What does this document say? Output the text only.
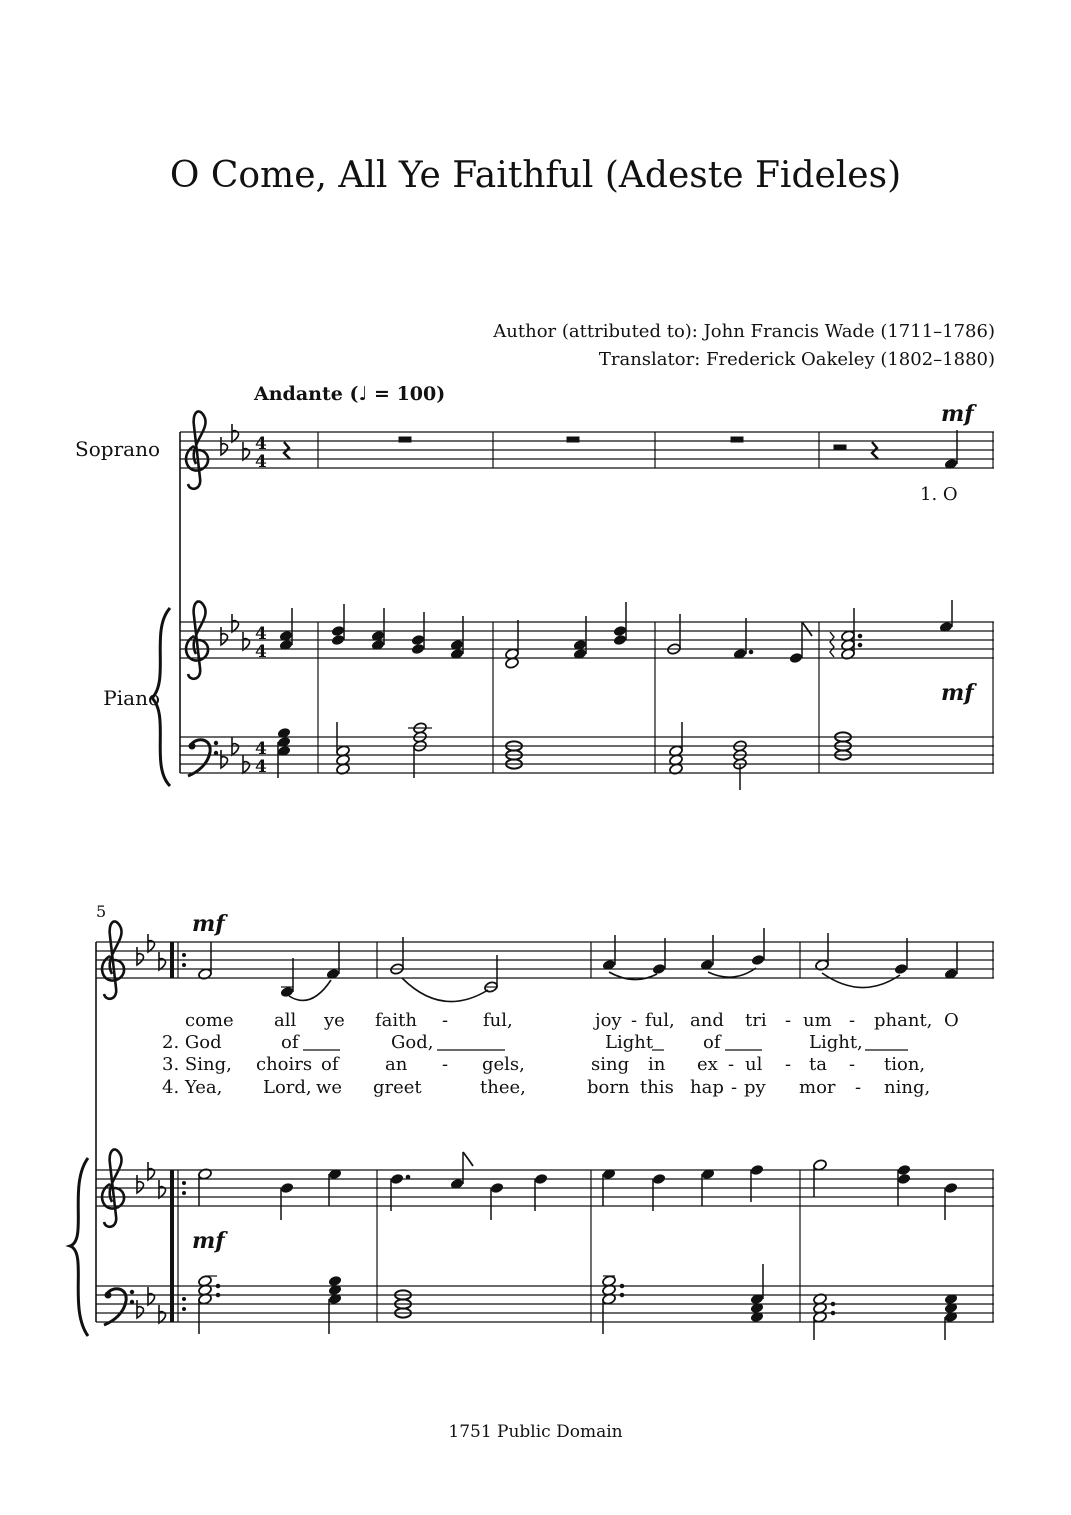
O Come, All Ye Faithful (Adeste Fideles)
Author (attributed to): John Francis Wade (1711–1786)
Translator: Frederick Oakeley (1802–1880)
Andante (♩ = 100)
Soprano
Piano
mf
mf
mf
mf
5
1. O
come all ye faith - ful,	joy - ful, and tri - um - phant, O
2. God	of	God,	Light	of	Light,
3. Sing, choirs of	an - gels,	sing in ex - ul - ta - tion,
4. Yea, Lord, we greet	thee,	born this hap - py mor - ning,
1751 Public Domain
4
4
4
4
4
4
